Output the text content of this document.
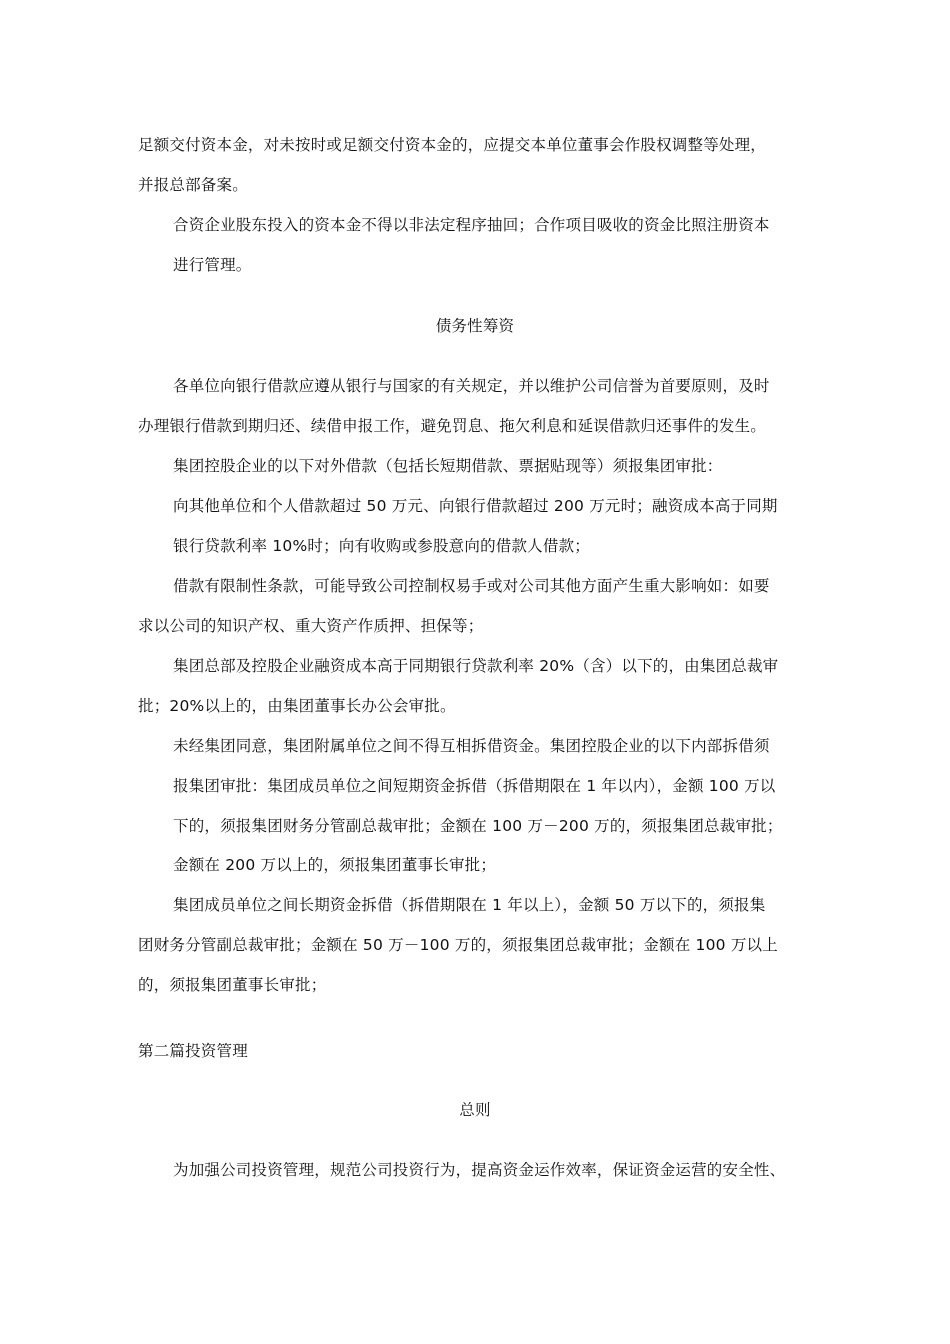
足额交付资本金，对未按时或足额交付资本金的，应提交本单位董事会作股权调整等处理，
并报总部备案。
合资企业股东投入的资本金不得以非法定程序抽回；合作项目吸收的资金比照注册资本
进行管理。
债务性筹资
各单位向银行借款应遵从银行与国家的有关规定，并以维护公司信誉为首要原则，及时
办理银行借款到期归还、续借申报工作，避免罚息、拖欠利息和延误借款归还事件的发生。
集团控股企业的以下对外借款（包括长短期借款、票据贴现等）须报集团审批：
向其他单位和个人借款超过 50 万元、向银行借款超过 200 万元时；融资成本高于同期
银行贷款利率 10%时；向有收购或参股意向的借款人借款；
借款有限制性条款，可能导致公司控制权易手或对公司其他方面产生重大影响如：如要
求以公司的知识产权、重大资产作质押、担保等；
集团总部及控股企业融资成本高于同期银行贷款利率 20%（含）以下的，由集团总裁审
批；20%以上的，由集团董事长办公会审批。
未经集团同意，集团附属单位之间不得互相拆借资金。集团控股企业的以下内部拆借须
报集团审批：集团成员单位之间短期资金拆借（拆借期限在 1 年以内），金额 100 万以
下的，须报集团财务分管副总裁审批；金额在 100 万－200 万的，须报集团总裁审批；
金额在 200 万以上的，须报集团董事长审批；
集团成员单位之间长期资金拆借（拆借期限在 1 年以上），金额 50 万以下的，须报集
团财务分管副总裁审批；金额在 50 万－100 万的，须报集团总裁审批；金额在 100 万以上
的，须报集团董事长审批；
第二篇投资管理
总则
为加强公司投资管理，规范公司投资行为，提高资金运作效率，保证资金运营的安全性、
